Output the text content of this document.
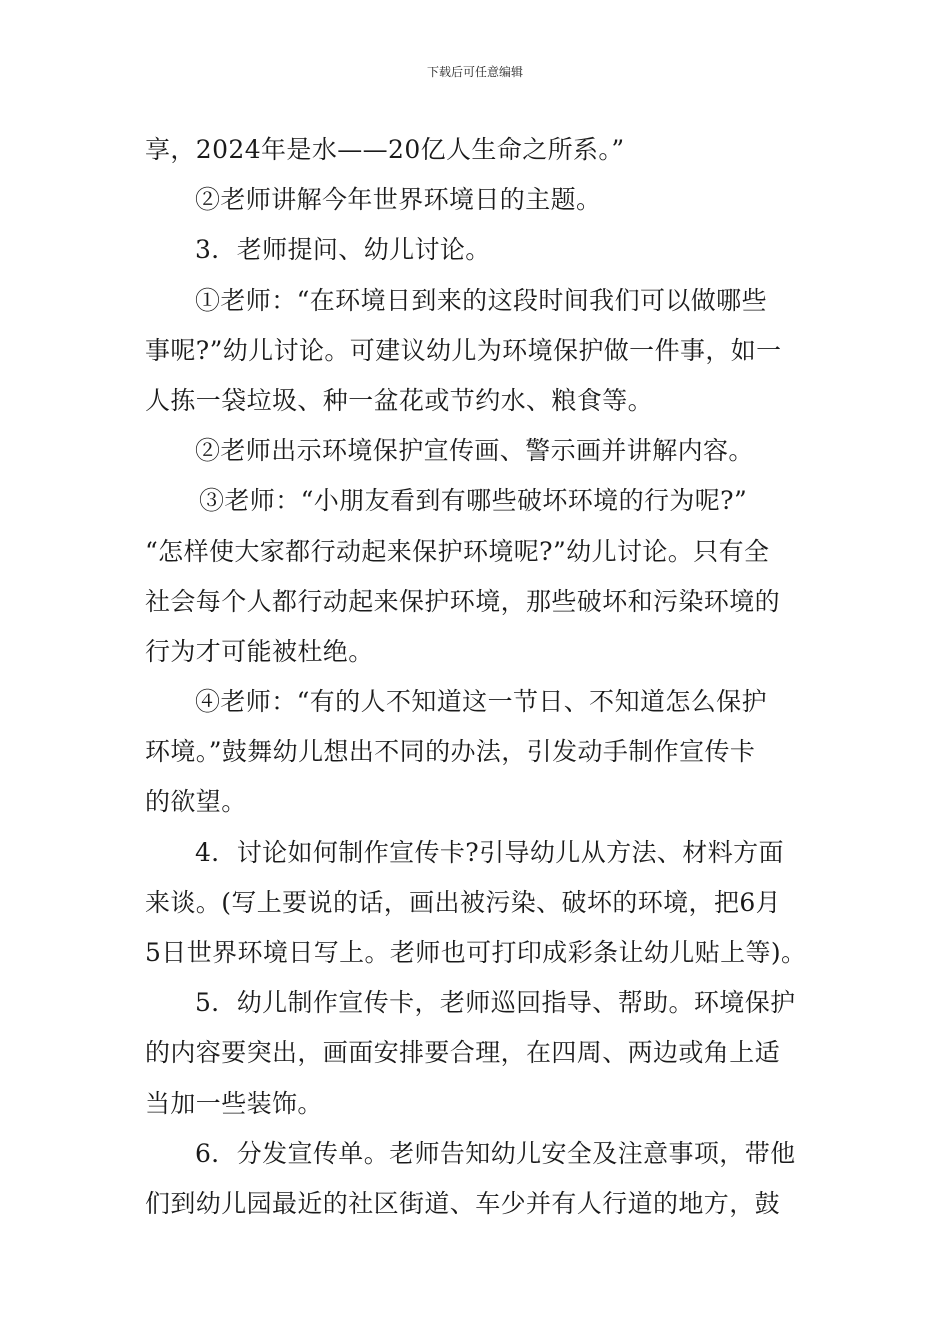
下载后可任意编辑
享，2024年是水——20亿人生命之所系。”
②老师讲解今年世界环境日的主题。
3．老师提问、幼儿讨论。
①老师：“在环境日到来的这段时间我们可以做哪些
事呢?”幼儿讨论。可建议幼儿为环境保护做一件事，如一
人拣一袋垃圾、种一盆花或节约水、粮食等。
②老师出示环境保护宣传画、警示画并讲解内容。
③老师：“小朋友看到有哪些破坏环境的行为呢?”
“怎样使大家都行动起来保护环境呢?”幼儿讨论。只有全
社会每个人都行动起来保护环境，那些破坏和污染环境的
行为才可能被杜绝。
④老师：“有的人不知道这一节日、不知道怎么保护
环境。”鼓舞幼儿想出不同的办法，引发动手制作宣传卡
的欲望。
4．讨论如何制作宣传卡?引导幼儿从方法、材料方面
来谈。(写上要说的话，画出被污染、破坏的环境，把6月
5日世界环境日写上。老师也可打印成彩条让幼儿贴上等)。
5．幼儿制作宣传卡，老师巡回指导、帮助。环境保护
的内容要突出，画面安排要合理，在四周、两边或角上适
当加一些装饰。
6．分发宣传单。老师告知幼儿安全及注意事项，带他
们到幼儿园最近的社区街道、车少并有人行道的地方，鼓
